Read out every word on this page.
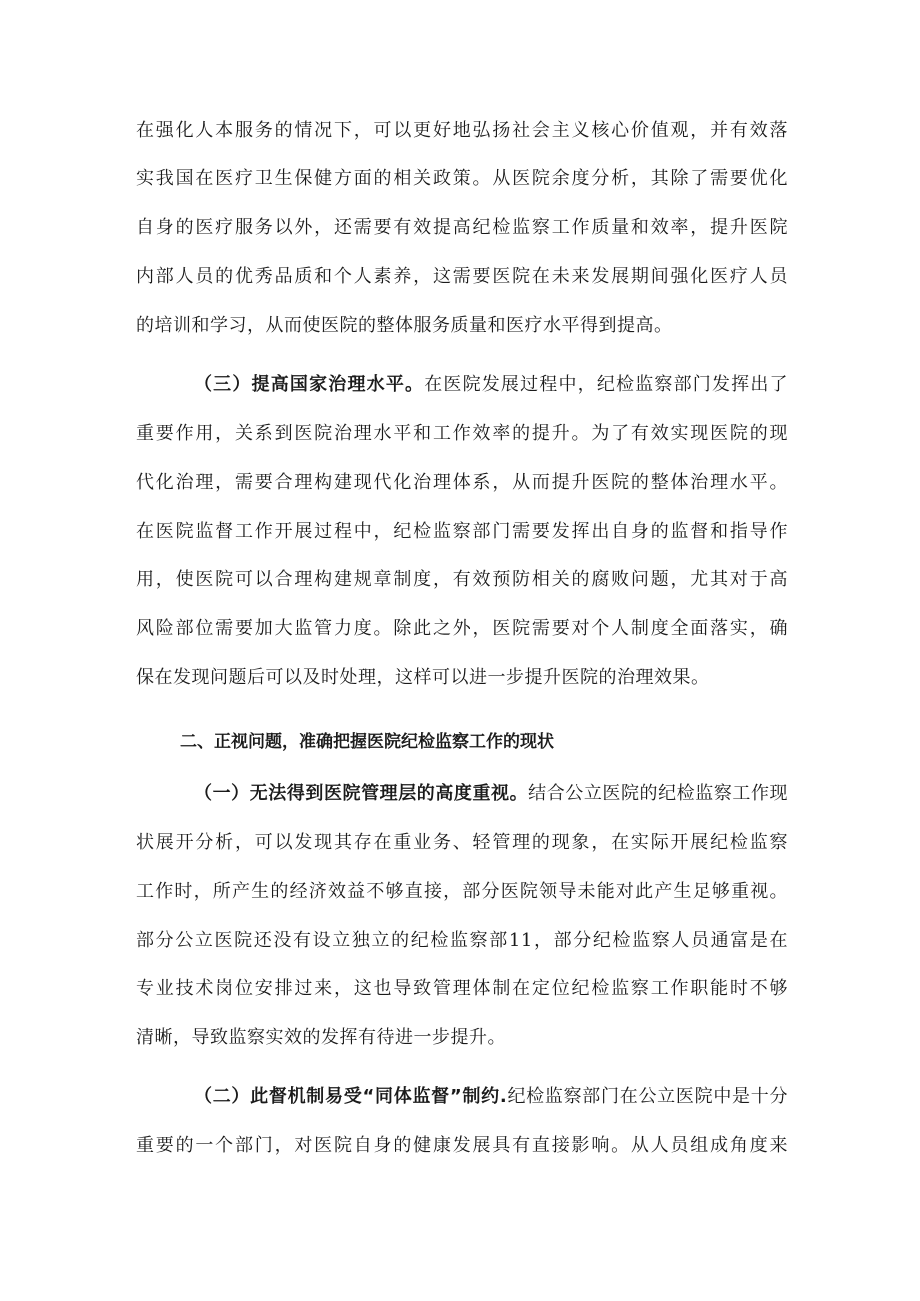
在强化人本服务的情况下，可以更好地弘扬社会主义核心价值观，并有效落

实我国在医疗卫生保健方面的相关政策。从医院余度分析，其除了需要优化

自身的医疗服务以外，还需要有效提高纪检监察工作质量和效率，提升医院

内部人员的优秀品质和个人素养，这需要医院在未来发展期间强化医疗人员

的培训和学习，从而使医院的整体服务质量和医疗水平得到提高。

（三）提高国家治理水平。在医院发展过程中，纪检监察部门发挥出了

重要作用，关系到医院治理水平和工作效率的提升。为了有效实现医院的现

代化治理，需要合理构建现代化治理体系，从而提升医院的整体治理水平。

在医院监督工作开展过程中，纪检监察部门需要发挥出自身的监督和指导作

用，使医院可以合理构建规章制度，有效预防相关的腐败问题，尤其对于高

风险部位需要加大监管力度。除此之外，医院需要对个人制度全面落实，确

保在发现问题后可以及时处理，这样可以进一步提升医院的治理效果。

二、正视问题，准确把握医院纪检监察工作的现状

（一）无法得到医院管理层的高度重视。结合公立医院的纪检监察工作现

状展开分析，可以发现其存在重业务、轻管理的现象，在实际开展纪检监察

工作时，所产生的经济效益不够直接，部分医院领导未能对此产生足够重视。

部分公立医院还没有设立独立的纪检监察部11，部分纪检监察人员通富是在

专业技术岗位安排过来，这也导致管理体制在定位纪检监察工作职能时不够

清晰，导致监察实效的发挥有待进一步提升。

（二）此督机制易受“同体监督”制约.纪检监察部门在公立医院中是十分

重要的一个部门，对医院自身的健康发展具有直接影响。从人员组成角度来
